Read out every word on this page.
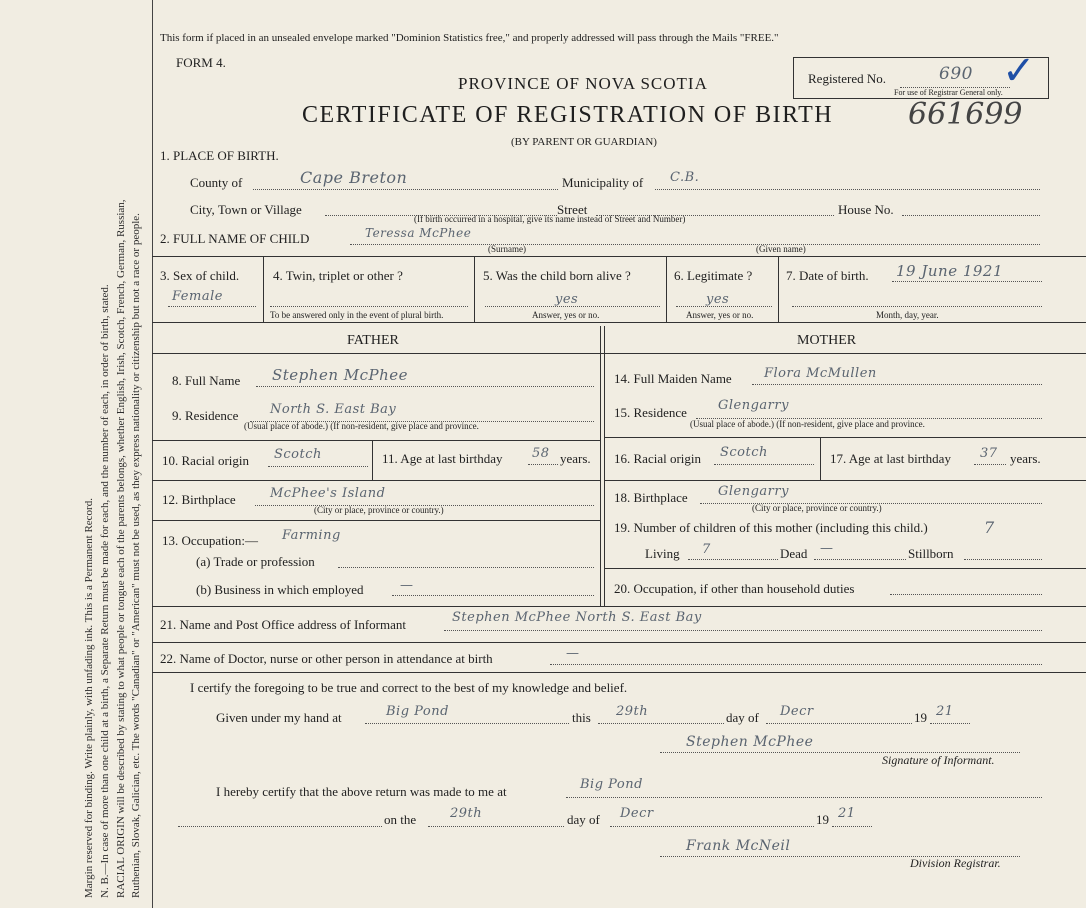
Margin reserved for binding. Write plainly, with unfading ink. This is a Permanent Record. N. B.—In case of more than one child at a birth, a Separate Return must be made for each, and the number of each, in order of birth, stated. RACIAL ORIGIN will be described by stating to what people or tongue each of the parents belongs, whether English, Irish, Scotch, French, German, Russian, Ruthenian, Slovak, Galician, etc. The words "Canadian" or "American" must not be used, as they express nationality or citizenship but not a race or people.
This form if placed in an unsealed envelope marked "Dominion Statistics free," and properly addressed will pass through the Mails "FREE."
FORM 4.
PROVINCE OF NOVA SCOTIA
CERTIFICATE OF REGISTRATION OF BIRTH
(BY PARENT OR GUARDIAN)
661699
Registered No.	690
For use of Registrar General only. ✓
1. PLACE OF BIRTH.
County of	Cape Breton	Municipality of C.B.
City, Town or Village	Street	House No.
(If birth occurred in a hospital, give its name instead of Street and Number)
2. FULL NAME OF CHILD	Teressa McPhee
(Surname)	(Given name)
3. Sex of child.
Female
4. Twin, triplet or other ?
To be answered only in the event of plural birth.
5. Was the child born alive ?
yes
Answer, yes or no.
6. Legitimate ?
yes
Answer, yes or no.
7. Date of birth. 19 June 1921
Month, day, year.
FATHER	MOTHER
8. Full Name Stephen McPhee
9. Residence North S. East Bay
(Usual place of abode.) (If non-resident, give place and province.
10. Racial origin Scotch	11. Age at last birthday 58 years.
12. Birthplace	McPhee's Island
(City or place, province or country.)
13. Occupation:— Farming
(a) Trade or profession
(b) Business in which employed	—
14. Full Maiden Name Flora McMullen
15. Residence Glengarry
(Usual place of abode.) (If non-resident, give place and province.
16. Racial origin Scotch	17. Age at last birthday 37 years.
18. Birthplace Glengarry
(City or place, province or country.)
19. Number of children of this mother (including this child.)	7
Living 7	Dead —	Stillborn
20. Occupation, if other than household duties
21. Name and Post Office address of Informant	Stephen McPhee North S. East Bay
22. Name of Doctor, nurse or other person in attendance at birth	—
I certify the foregoing to be true and correct to the best of my knowledge and belief.
Given under my hand at	Big Pond	this 29th	day of Decr	19 21
Stephen McPhee
Signature of Informant.
I hereby certify that the above return was made to me at	Big Pond
on the	29th	day of Decr	19 21
Frank McNeil
Division Registrar.
